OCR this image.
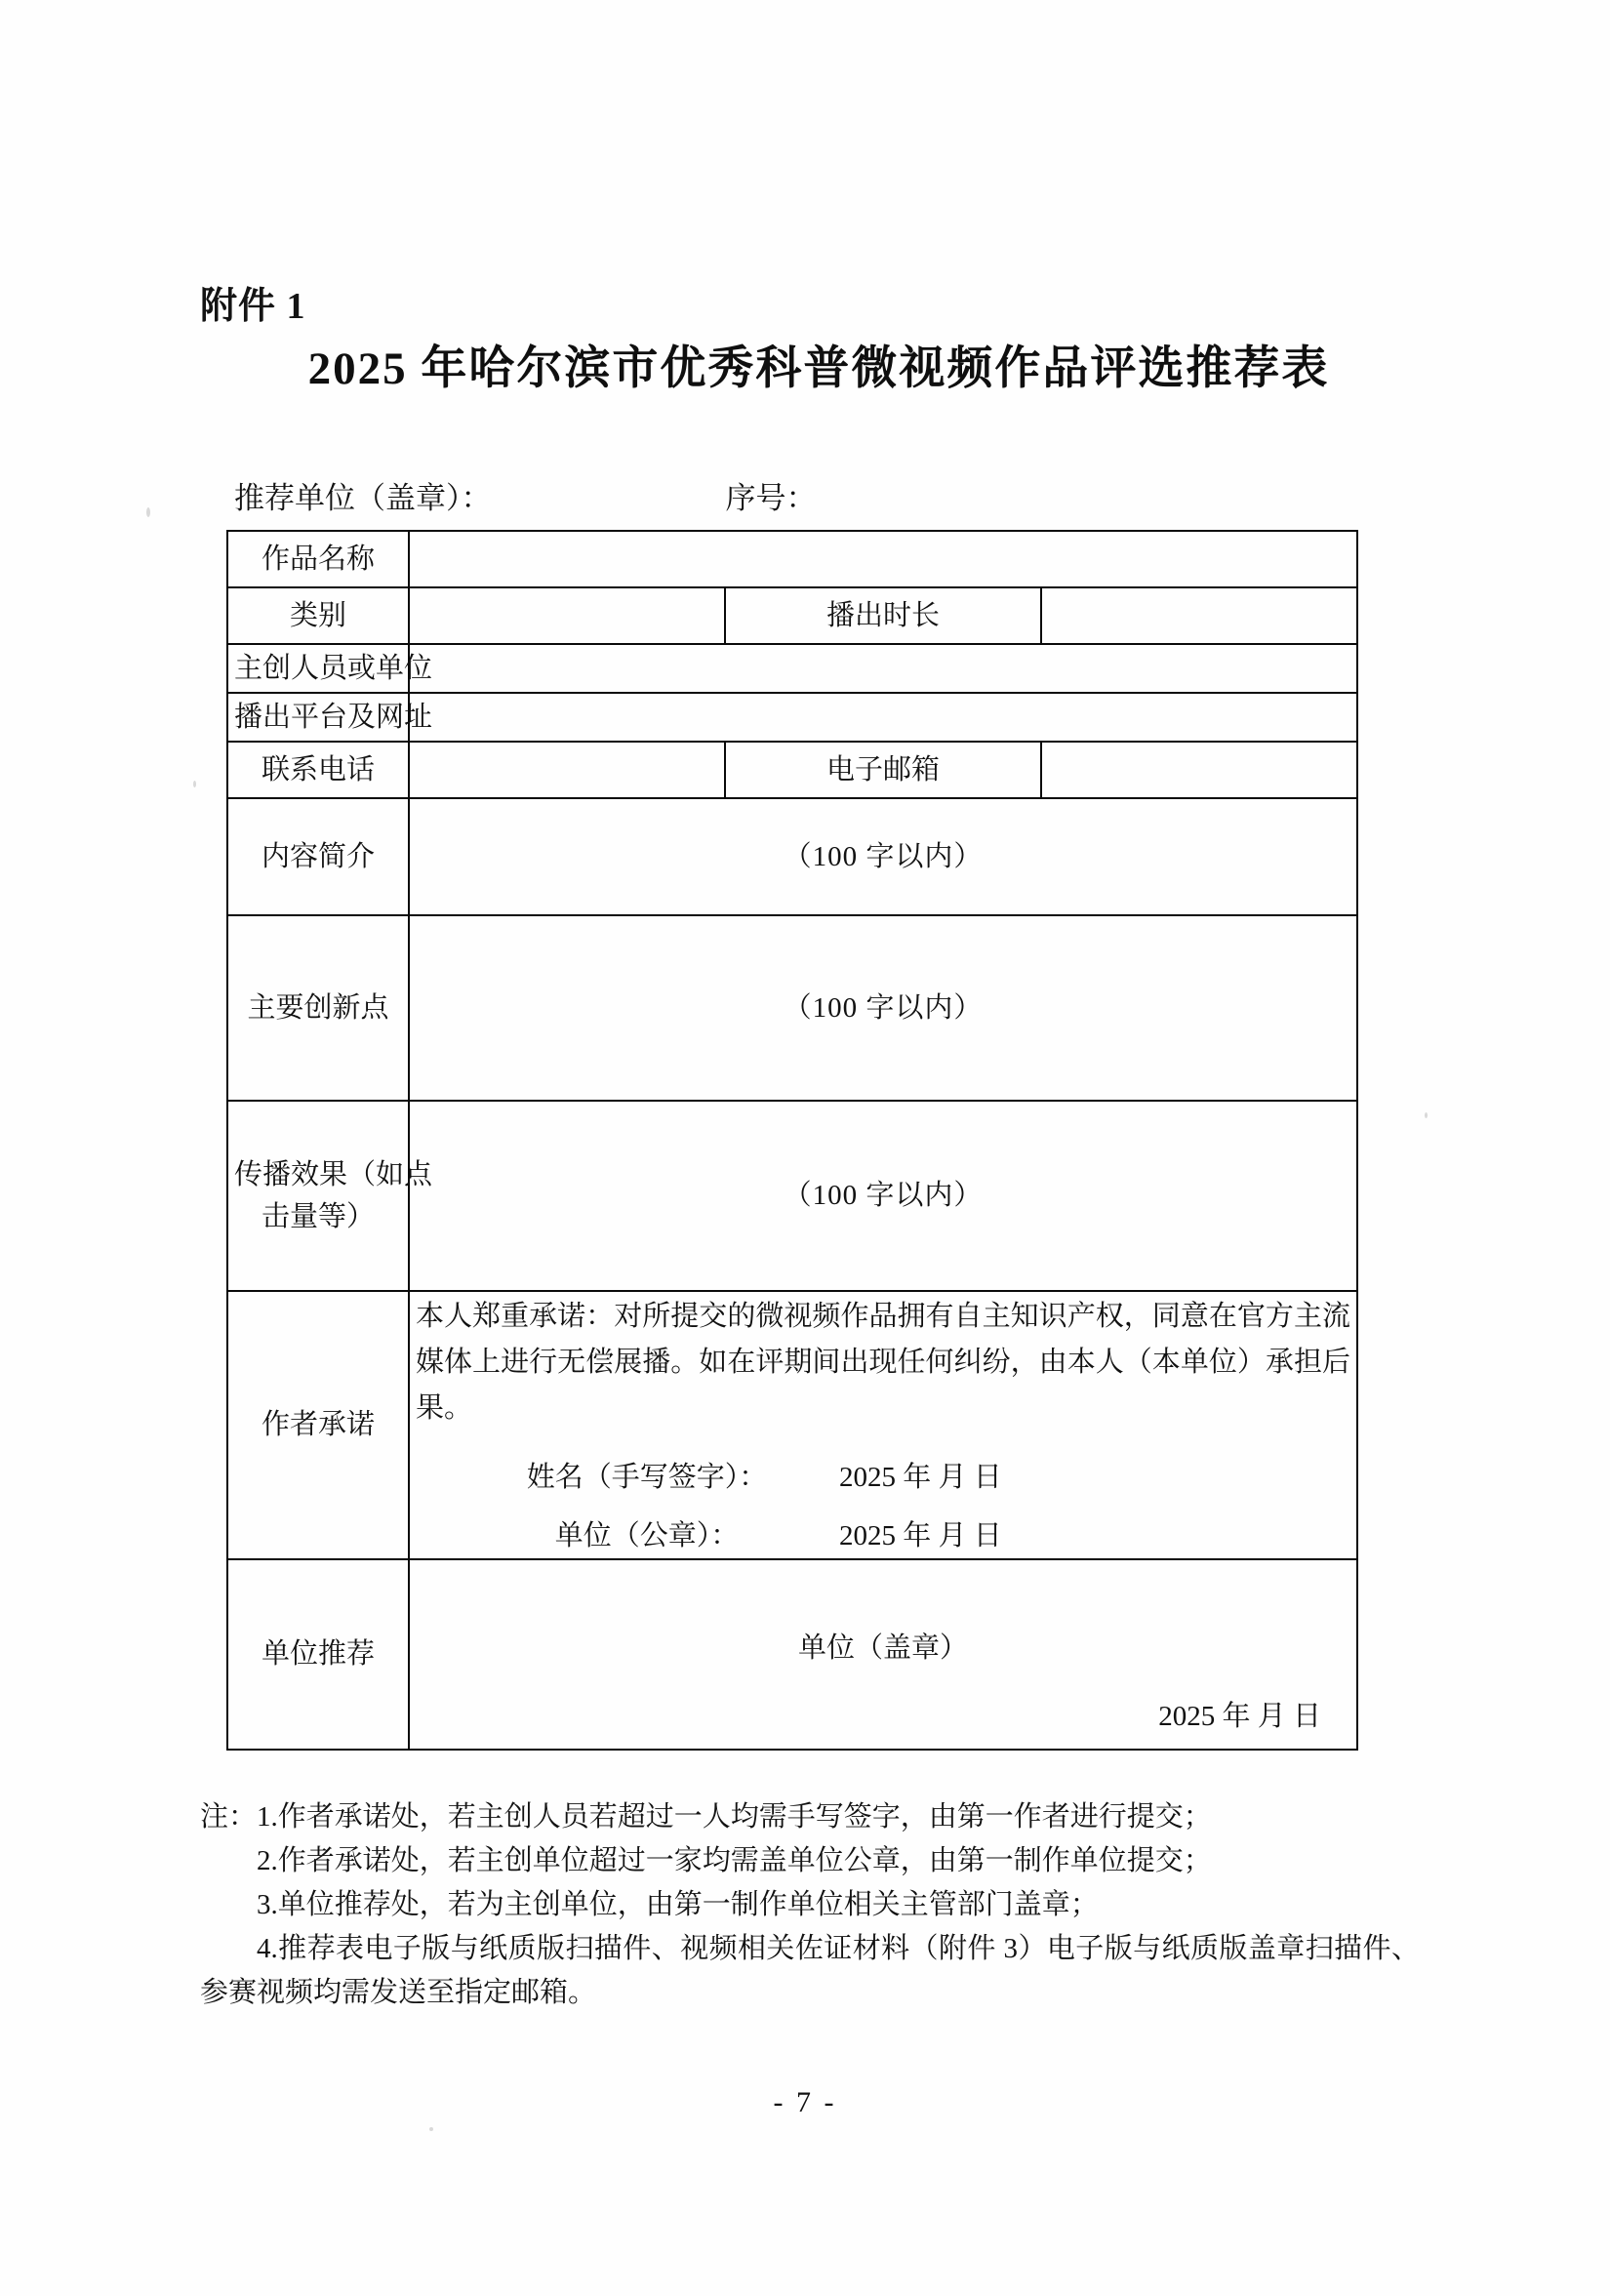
附件 1
2025 年哈尔滨市优秀科普微视频作品评选推荐表
推荐单位（盖章）：	序号：
作品名称			
类别		播出时长	
主创人员或单位			
播出平台及网址			
联系电话		电子邮箱	
内容简介	（100 字以内）		
主要创新点	（100 字以内）		

传播效果（如点
击量等）	（100 字以内）		
作者承诺	本人郑重承诺：对所提交的微视频作品拥有自主知识产权，同意在官方主流媒体上进行无偿展播。如在评期间出现任何纠纷，由本人（本单位）承担后果。
姓名（手写签字）： 2025 年 月 日
单位（公章）： 2025 年 月 日		

单位推荐	单位（盖章）
2025 年 月 日		
注：1.作者承诺处，若主创人员若超过一人均需手写签字，由第一作者进行提交；
2.作者承诺处，若主创单位超过一家均需盖单位公章，由第一制作单位提交；
3.单位推荐处，若为主创单位，由第一制作单位相关主管部门盖章；
4.推荐表电子版与纸质版扫描件、视频相关佐证材料（附件 3）电子版与纸质版盖章扫描件、参赛视频均需发送至指定邮箱。
- 7 -
